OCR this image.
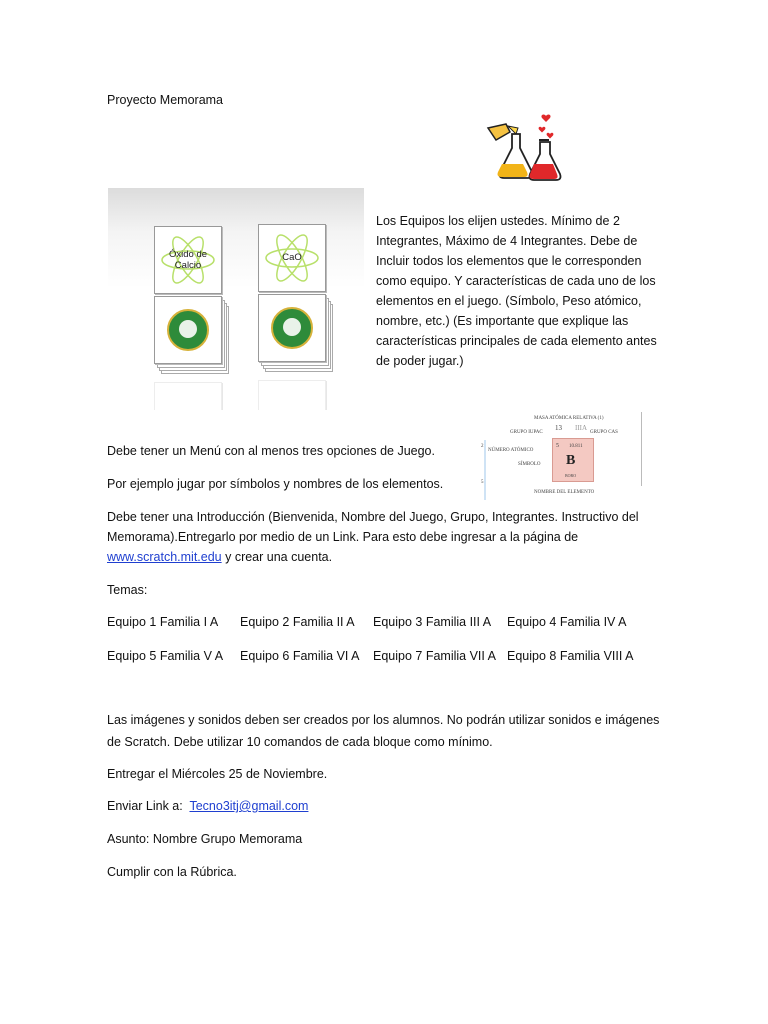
Proyecto Memorama
Óxido de
Calcio
CaO
Los Equipos los elijen ustedes. Mínimo de 2 Integrantes, Máximo de 4 Integrantes. Debe de Incluir todos los elementos que le corresponden como equipo. Y características de cada uno de los elementos en el juego. (Símbolo, Peso atómico, nombre, etc.) (Es importante que explique las características principales de cada elemento antes de poder jugar.)
MASA ATÓMICA RELATIVA (1)
GRUPO IUPAC	GRUPO CAS
2
5
13 IIIA
5 10.811
B
BORO
NÚMERO ATÓMICO
SÍMBOLO
NOMBRE DEL ELEMENTO
Debe tener un Menú con al menos tres opciones de Juego.
Por ejemplo jugar por símbolos y nombres de los elementos.
Debe tener una Introducción (Bienvenida, Nombre del Juego, Grupo, Integrantes. Instructivo del
Memorama).Entregarlo por medio de un Link. Para esto debe ingresar a la página de
www.scratch.mit.edu y crear una cuenta.
Temas:
Equipo 1 Familia I A Equipo 2 Familia II A Equipo 3 Familia III A Equipo 4 Familia IV A
Equipo 5 Familia V A Equipo 6 Familia VI A Equipo 7 Familia VII A Equipo 8 Familia VIII A
Las imágenes y sonidos deben ser creados por los alumnos. No podrán utilizar sonidos e imágenes
de Scratch. Debe utilizar 10 comandos de cada bloque como mínimo.
Entregar el Miércoles 25 de Noviembre.
Enviar Link a: Tecno3itj@gmail.com
Asunto: Nombre Grupo Memorama
Cumplir con la Rúbrica.
